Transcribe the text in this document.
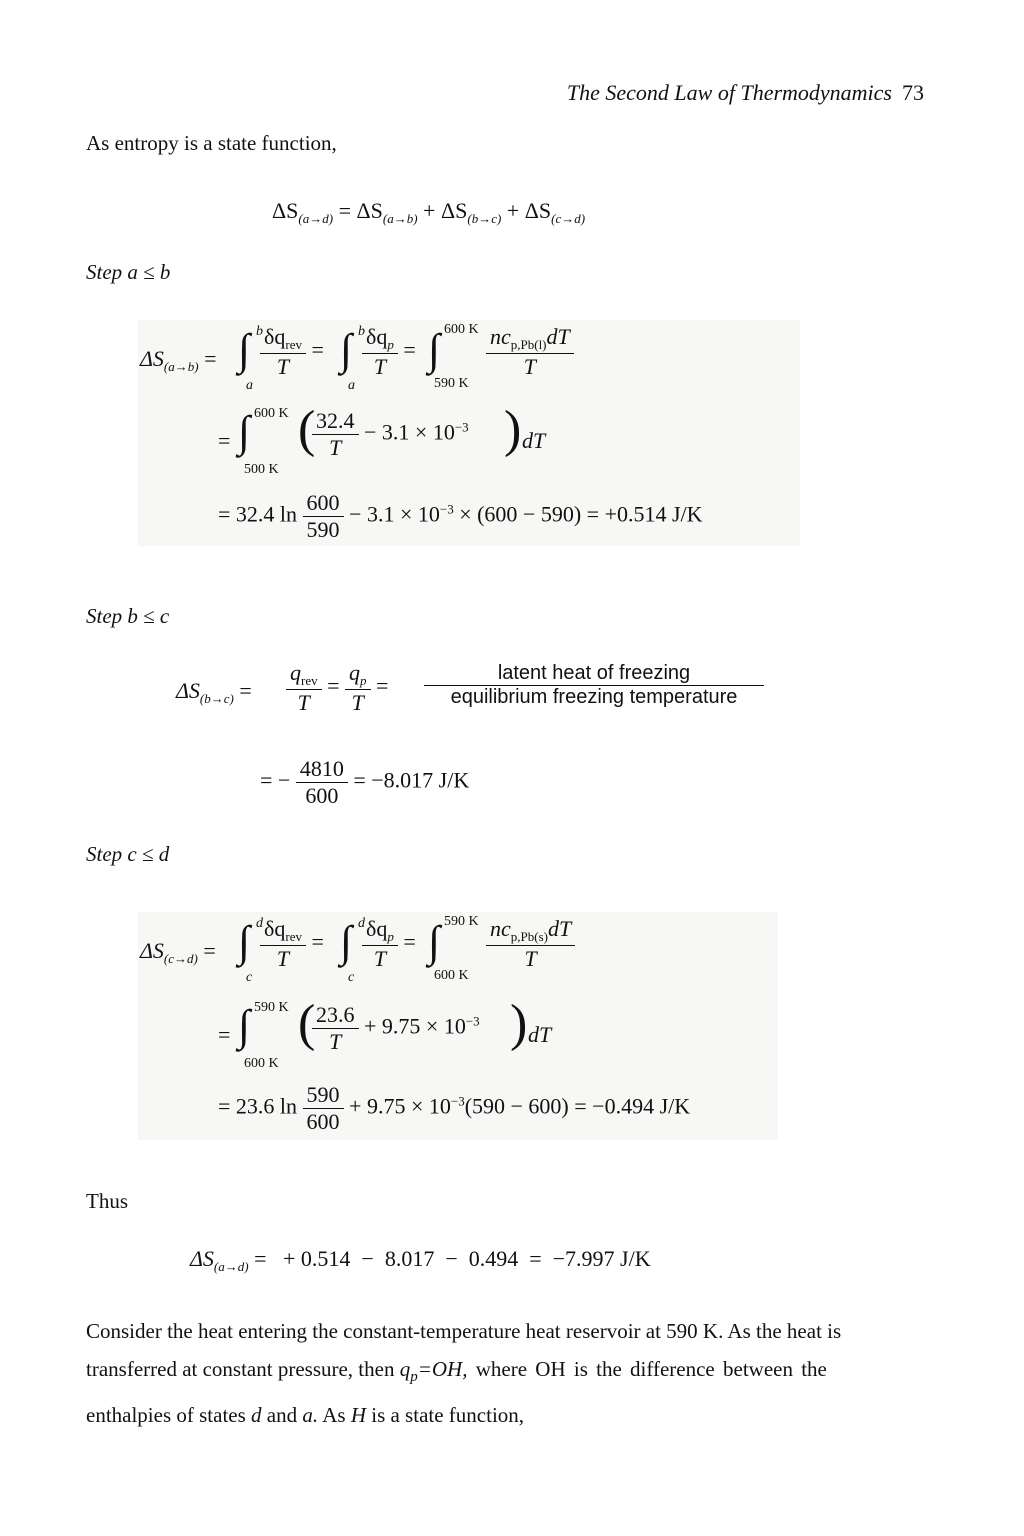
The Second Law of Thermodynamics 73
As entropy is a state function,
$\Delta S_{(a\to d)} = \Delta S_{(a\to b)} + \Delta S_{(b\to c)} + \Delta S_{(c\to d)}$
Step a ≤ b
$\Delta S_{(a\to b)}$ = ∫ b
a
$\frac{\delta q_{rev}}{T}$ = ∫ b
a
$\frac{\delta q_p}{T}$ = ∫ 600 K
590 K
$\frac{nc_{p,Pb(l)}dT}{T}$
= ∫ 600 K
500 K
(
$\frac{32.4}{T} - 3.1 \times 10^{-3}$ ) dT
= 32.4 $\ln \frac{600}{590} - 3.1 \times 10^{-3} \times (600 - 590) = +0.514$ J/K
Step b ≤ c
$\Delta S_{(b\to c)} = \frac{q_{rev}}{T} = \frac{q_p}{T} = \frac{\text{latent heat of freezing}}{\text{equilibrium freezing temperature}}$
= − $\frac{4810}{600} = -8.017$ J/K
Step c ≤ d
$\Delta S_{(c\to d)}$ = ∫ d
c
$\frac{\delta q_{rev}}{T}$ = ∫ d
c
$\frac{\delta q_p}{T}$ = ∫ 590 K
600 K
$\frac{nc_{p,Pb(s)}dT}{T}$
= ∫ 590 K
600 K
(
$\frac{23.6}{T} + 9.75 \times 10^{-3}$ ) dT
= 23.6 $\ln \frac{590}{600} + 9.75 \times 10^{-3}(590 - 600) = -0.494$ J/K
Thus
$\Delta S_{(a\to d)}$ =   + 0.514  −  8.017  −  0.494  =  −7.997 J/K
Consider the heat entering the constant-temperature heat reservoir at 590 K. As the heat is
transferred at constant pressure, then $q_p=OH$, where OH is the difference between the
enthalpies of states d and a. As H is a state function,
